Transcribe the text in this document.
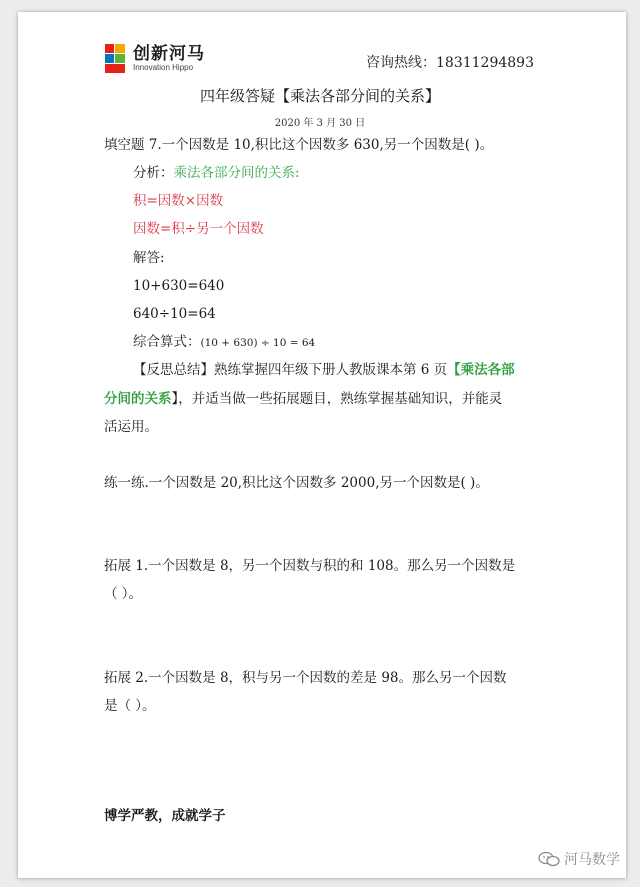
创新河马
Innovation Hippo	咨询热线：18311294893
四年级答疑【乘法各部分间的关系】
2020 年 3 月 30 日
填空题 7.一个因数是 10,积比这个因数多 630,另一个因数是( )。
分析：乘法各部分间的关系:
积=因数×因数
因数=积÷另一个因数
解答:
10+630=640
640÷10=64
综合算式：(10 + 630) ÷ 10 = 64
【反思总结】熟练掌握四年级下册人教版课本第 6 页【乘法各部
分间的关系】，并适当做一些拓展题目，熟练掌握基础知识，并能灵
活运用。
练一练.一个因数是 20,积比这个因数多 2000,另一个因数是( )。
拓展 1.一个因数是 8，另一个因数与积的和 108。那么另一个因数是
（ ）。
拓展 2.一个因数是 8，积与另一个因数的差是 98。那么另一个因数
是（ ）。
博学严教，成就学子
河马数学
